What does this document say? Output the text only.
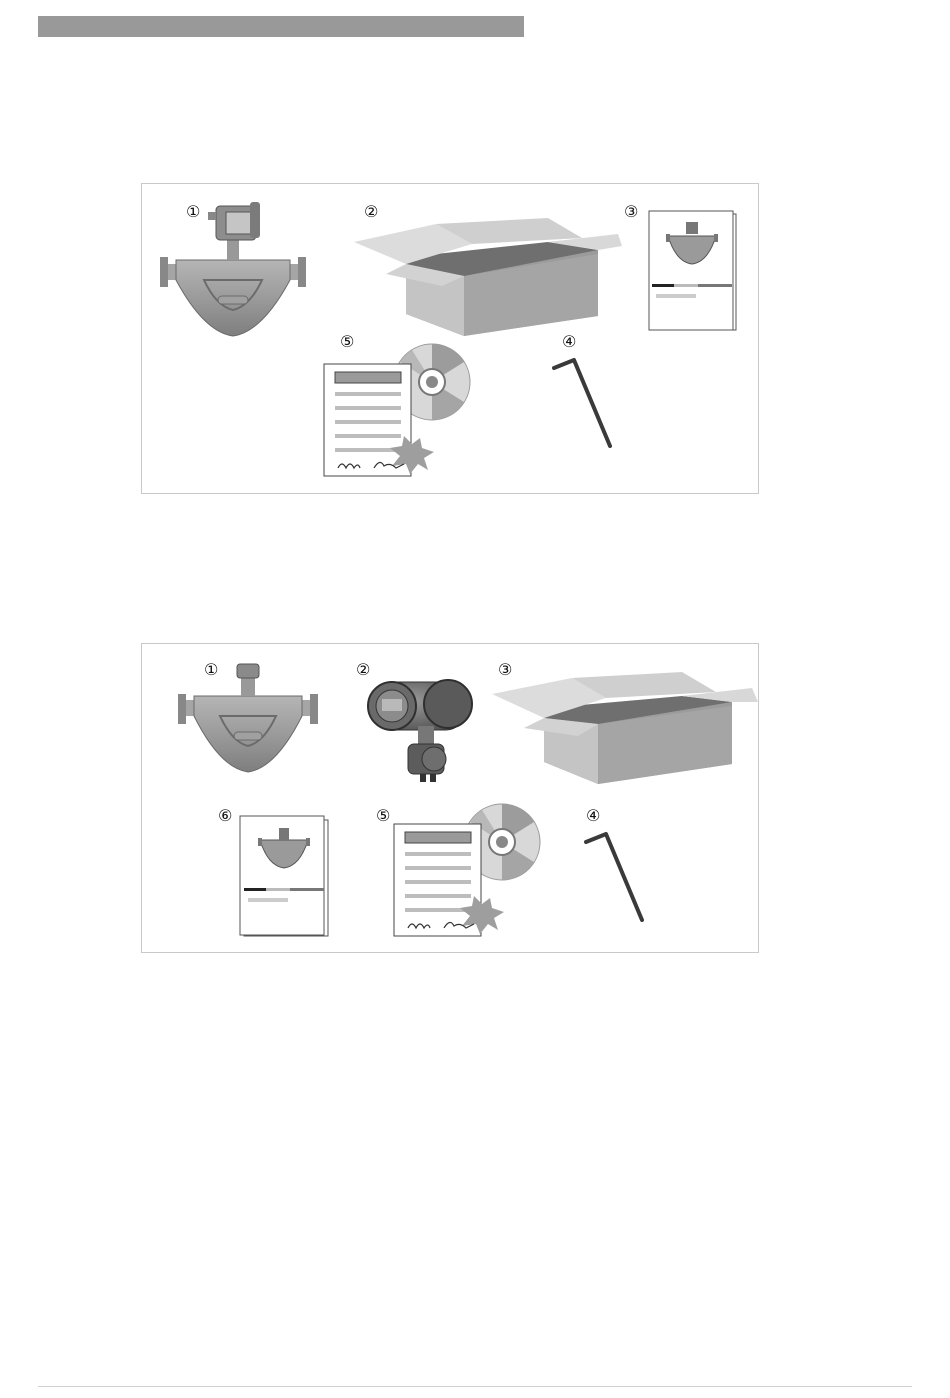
①	②	③
⑤	④
①	②	③
⑥	⑤	④
